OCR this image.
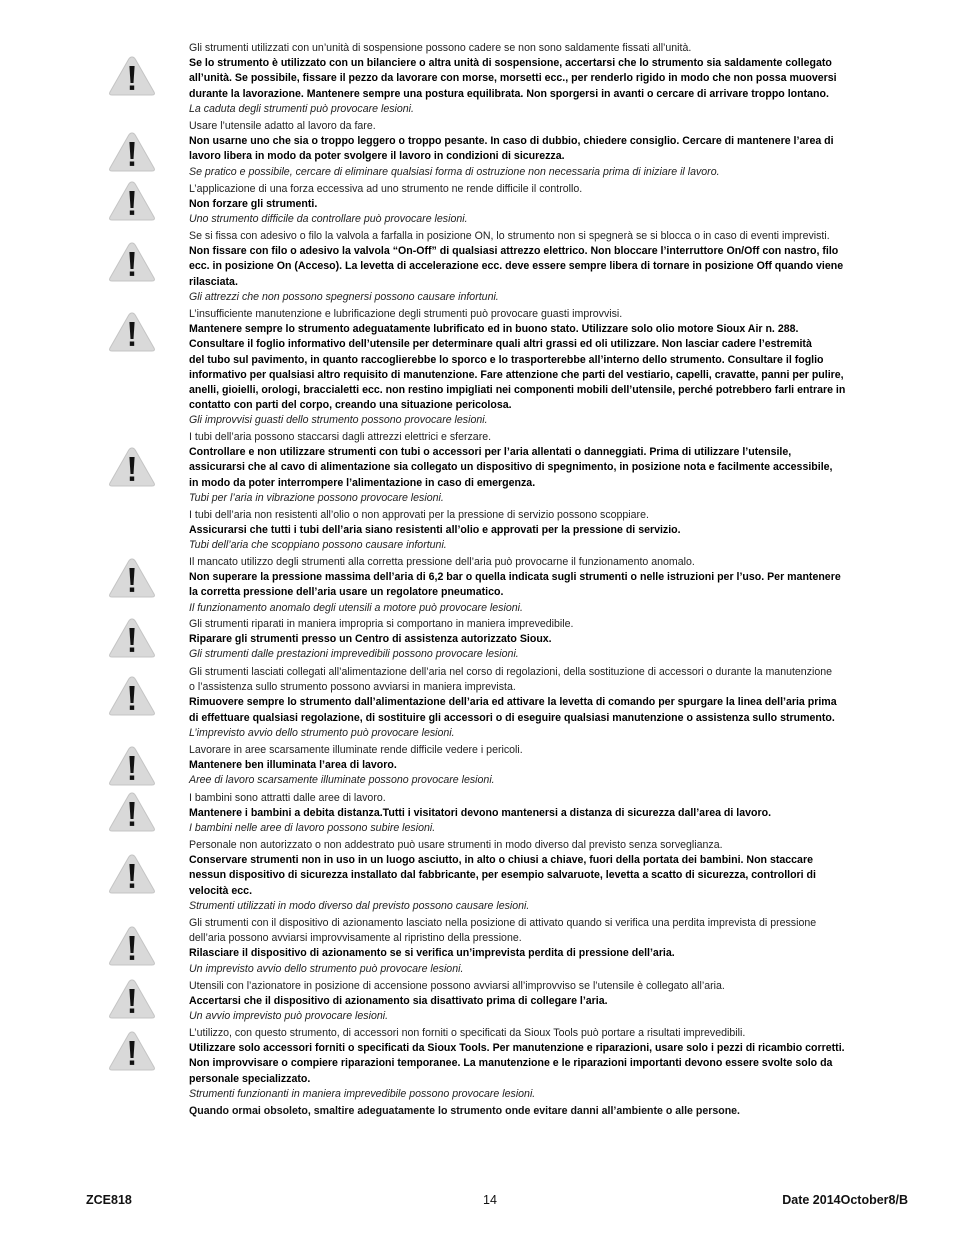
Gli strumenti utilizzati con un’unità di sospensione possono cadere se non sono saldamente fissati all’unità.

Se lo strumento è utilizzato con un bilanciere o altra unità di sospensione, accertarsi che lo strumento sia saldamente collegato

all’unità. Se possibile, fissare il pezzo da lavorare con morse, morsetti ecc., per renderlo rigido in modo che non possa muoversi

durante la lavorazione. Mantenere sempre una postura equilibrata. Non sporgersi in avanti o cercare di arrivare troppo lontano.

La caduta degli strumenti può provocare lesioni.

Usare l’utensile adatto al lavoro da fare.

Non usarne uno che sia o troppo leggero o troppo pesante. In caso di dubbio, chiedere consiglio. Cercare di mantenere l’area di

lavoro libera in modo da poter svolgere il lavoro in condizioni di sicurezza.

Se pratico e possibile, cercare di eliminare qualsiasi forma di ostruzione non necessaria prima di iniziare il lavoro.

L’applicazione di una forza eccessiva ad uno strumento ne rende difficile il controllo.

Non forzare gli strumenti.

Uno strumento difficile da controllare può provocare lesioni.

Se si fissa con adesivo o filo la valvola a farfalla in posizione ON, lo strumento non si spegnerà se si blocca o in caso di eventi imprevisti.

Non fissare con filo o adesivo la valvola “On-Off” di qualsiasi attrezzo elettrico. Non bloccare l’interruttore On/Off con nastro, filo

ecc. in posizione On (Acceso). La levetta di accelerazione ecc. deve essere sempre libera di tornare in posizione Off quando viene

rilasciata.

Gli attrezzi che non possono spegnersi possono causare infortuni.

L’insufficiente manutenzione e lubrificazione degli strumenti può provocare guasti improvvisi.

Mantenere sempre lo strumento adeguatamente lubrificato ed in buono stato. Utilizzare solo olio motore Sioux Air n. 288.

Consultare il foglio informativo dell’utensile per determinare quali altri grassi ed oli utilizzare. Non lasciar cadere l’estremità

del tubo sul pavimento, in quanto raccoglierebbe lo sporco e lo trasporterebbe all’interno dello strumento. Consultare il foglio

informativo per qualsiasi altro requisito di manutenzione. Fare attenzione che parti del vestiario, capelli, cravatte, panni per pulire,

anelli, gioielli, orologi, braccialetti ecc. non restino impigliati nei componenti mobili dell’utensile, perché potrebbero farli entrare in

contatto con parti del corpo, creando una situazione pericolosa.

Gli improvvisi guasti dello strumento possono provocare lesioni.

I tubi dell’aria possono staccarsi dagli attrezzi elettrici e sferzare.

Controllare e non utilizzare strumenti con tubi o accessori per l’aria allentati o danneggiati. Prima di utilizzare l’utensile,

assicurarsi che al cavo di alimentazione sia collegato un dispositivo di spegnimento, in posizione nota e facilmente accessibile,

in modo da poter interrompere l’alimentazione in caso di emergenza.

Tubi per l’aria in vibrazione possono provocare lesioni.

I tubi dell’aria non resistenti all’olio o non approvati per la pressione di servizio possono scoppiare.

Assicurarsi che tutti i tubi dell’aria siano resistenti all’olio e approvati per la pressione di servizio.

Tubi dell’aria che scoppiano possono causare infortuni.

Il mancato utilizzo degli strumenti alla corretta pressione dell’aria può provocarne il funzionamento anomalo.

Non superare la pressione massima dell’aria di 6,2 bar o quella indicata sugli strumenti o nelle istruzioni per l’uso. Per mantenere

la corretta pressione dell’aria usare un regolatore pneumatico.

Il funzionamento anomalo degli utensili a motore può provocare lesioni.

Gli strumenti riparati in maniera impropria si comportano in maniera imprevedibile.

Riparare gli strumenti presso un Centro di assistenza autorizzato Sioux.

Gli strumenti dalle prestazioni imprevedibili possono provocare lesioni.

Gli strumenti lasciati collegati all’alimentazione dell’aria nel corso di regolazioni, della sostituzione di accessori o durante la manutenzione

o l’assistenza sullo strumento possono avviarsi in maniera imprevista.

Rimuovere sempre lo strumento dall’alimentazione dell’aria ed attivare la levetta di comando per spurgare la linea dell’aria prima

di effettuare qualsiasi regolazione, di sostituire gli accessori o di eseguire qualsiasi manutenzione o assistenza sullo strumento.

L’imprevisto avvio dello strumento può provocare lesioni.

Lavorare in aree scarsamente illuminate rende difficile vedere i pericoli.

Mantenere ben illuminata l’area di lavoro.

Aree di lavoro scarsamente illuminate possono provocare lesioni.

I bambini sono attratti dalle aree di lavoro.

Mantenere i bambini a debita distanza.Tutti i visitatori devono mantenersi a distanza di sicurezza dall’area di lavoro.

I bambini nelle aree di lavoro possono subire lesioni.

Personale non autorizzato o non addestrato può usare strumenti in modo diverso dal previsto senza sorveglianza.

Conservare strumenti non in uso in un luogo asciutto, in alto o chiusi a chiave, fuori della portata dei bambini. Non staccare

nessun dispositivo di sicurezza installato dal fabbricante, per esempio salvaruote, levetta a scatto di sicurezza, controllori di

velocità ecc.

Strumenti utilizzati in modo diverso dal previsto possono causare lesioni.

Gli strumenti con il dispositivo di azionamento lasciato nella posizione di attivato quando si verifica una perdita imprevista di pressione

dell’aria possono avviarsi improvvisamente al ripristino della pressione.

Rilasciare il dispositivo di azionamento se si verifica un’imprevista perdita di pressione dell’aria.

Un imprevisto avvio dello strumento può provocare lesioni.

Utensili con l’azionatore in posizione di accensione possono avviarsi all’improvviso se l’utensile è collegato all’aria.

Accertarsi che il dispositivo di azionamento sia disattivato prima di collegare l’aria.

Un avvio imprevisto può provocare lesioni.

L’utilizzo, con questo strumento, di accessori non forniti o specificati da Sioux Tools può portare a risultati imprevedibili.

Utilizzare solo accessori forniti o specificati da Sioux Tools. Per manutenzione e riparazioni, usare solo i pezzi di ricambio corretti.

Non improvvisare o compiere riparazioni temporanee. La manutenzione e le riparazioni importanti devono essere svolte solo da

personale specializzato.

Strumenti funzionanti in maniera imprevedibile possono provocare lesioni.

Quando ormai obsoleto, smaltire adeguatamente lo strumento onde evitare danni all’ambiente o alle persone.
ZCE818	14	Date 2014October8/B
